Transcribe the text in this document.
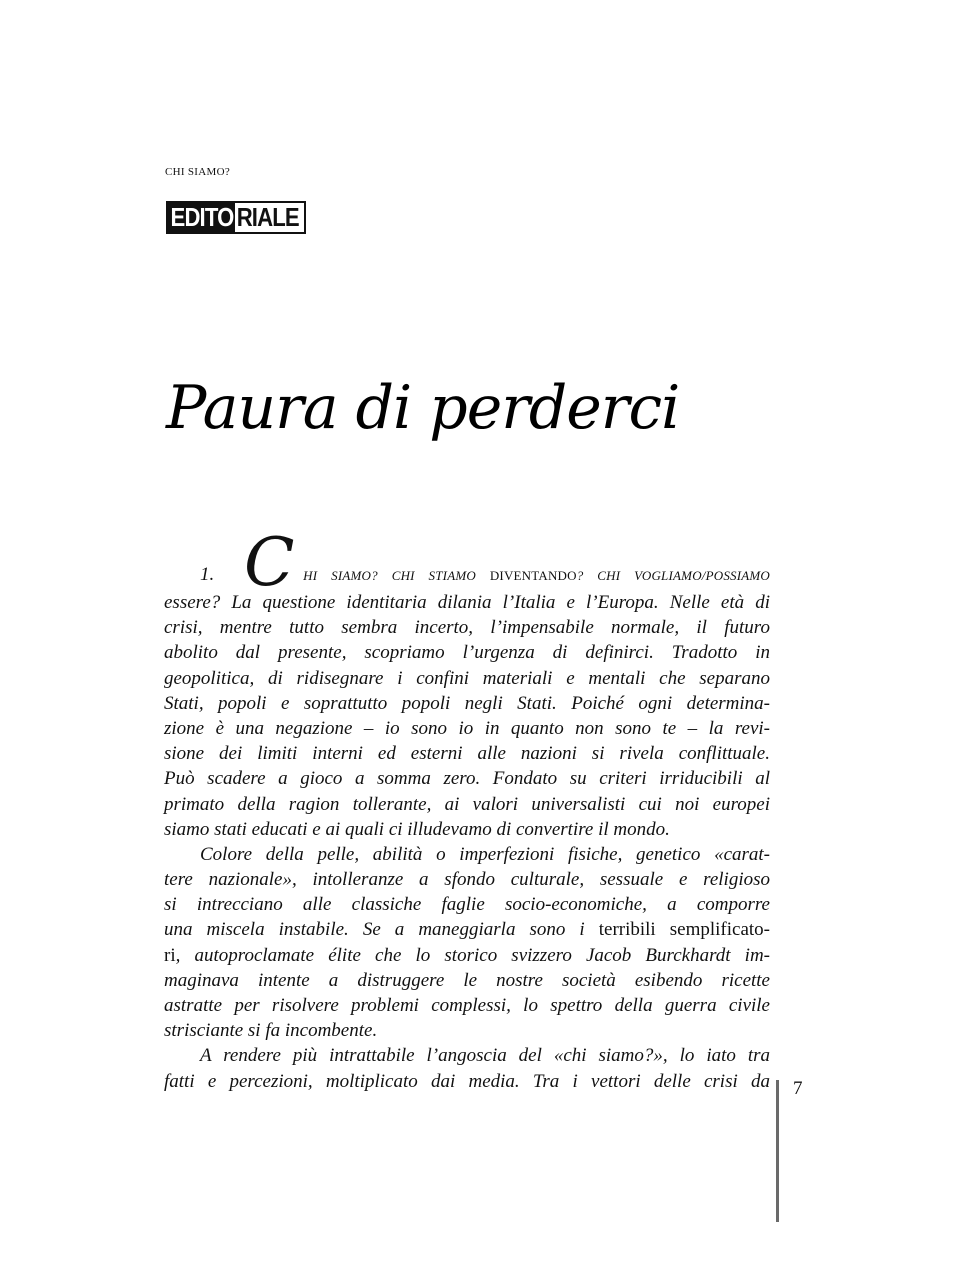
CHI SIAMO?
EDITO RIALE
Paura di perderci
1. C HI SIAMO? CHI STIAMO DIVENTANDO? CHI VOGLIAMO/POSSIAMO
essere? La questione identitaria dilania l’Italia e l’Europa. Nelle età di
crisi, mentre tutto sembra incerto, l’impensabile normale, il futuro
abolito dal presente, scopriamo l’urgenza di definirci. Tradotto in
geopolitica, di ridisegnare i confini materiali e mentali che separano
Stati, popoli e soprattutto popoli negli Stati. Poiché ogni determina-
zione è una negazione – io sono io in quanto non sono te – la revi-
sione dei limiti interni ed esterni alle nazioni si rivela conflittuale.
Può scadere a gioco a somma zero. Fondato su criteri irriducibili al
primato della ragion tollerante, ai valori universalisti cui noi europei
siamo stati educati e ai quali ci illudevamo di convertire il mondo.
Colore della pelle, abilità o imperfezioni fisiche, genetico «carat-
tere nazionale», intolleranze a sfondo culturale, sessuale e religioso
si intrecciano alle classiche faglie socio-economiche, a comporre
una miscela instabile. Se a maneggiarla sono i terribili semplificato-
ri, autoproclamate élite che lo storico svizzero Jacob Burckhardt im-
maginava intente a distruggere le nostre società esibendo ricette
astratte per risolvere problemi complessi, lo spettro della guerra civile
strisciante si fa incombente.
A rendere più intrattabile l’angoscia del «chi siamo?», lo iato tra
fatti e percezioni, moltiplicato dai media. Tra i vettori delle crisi da 7
